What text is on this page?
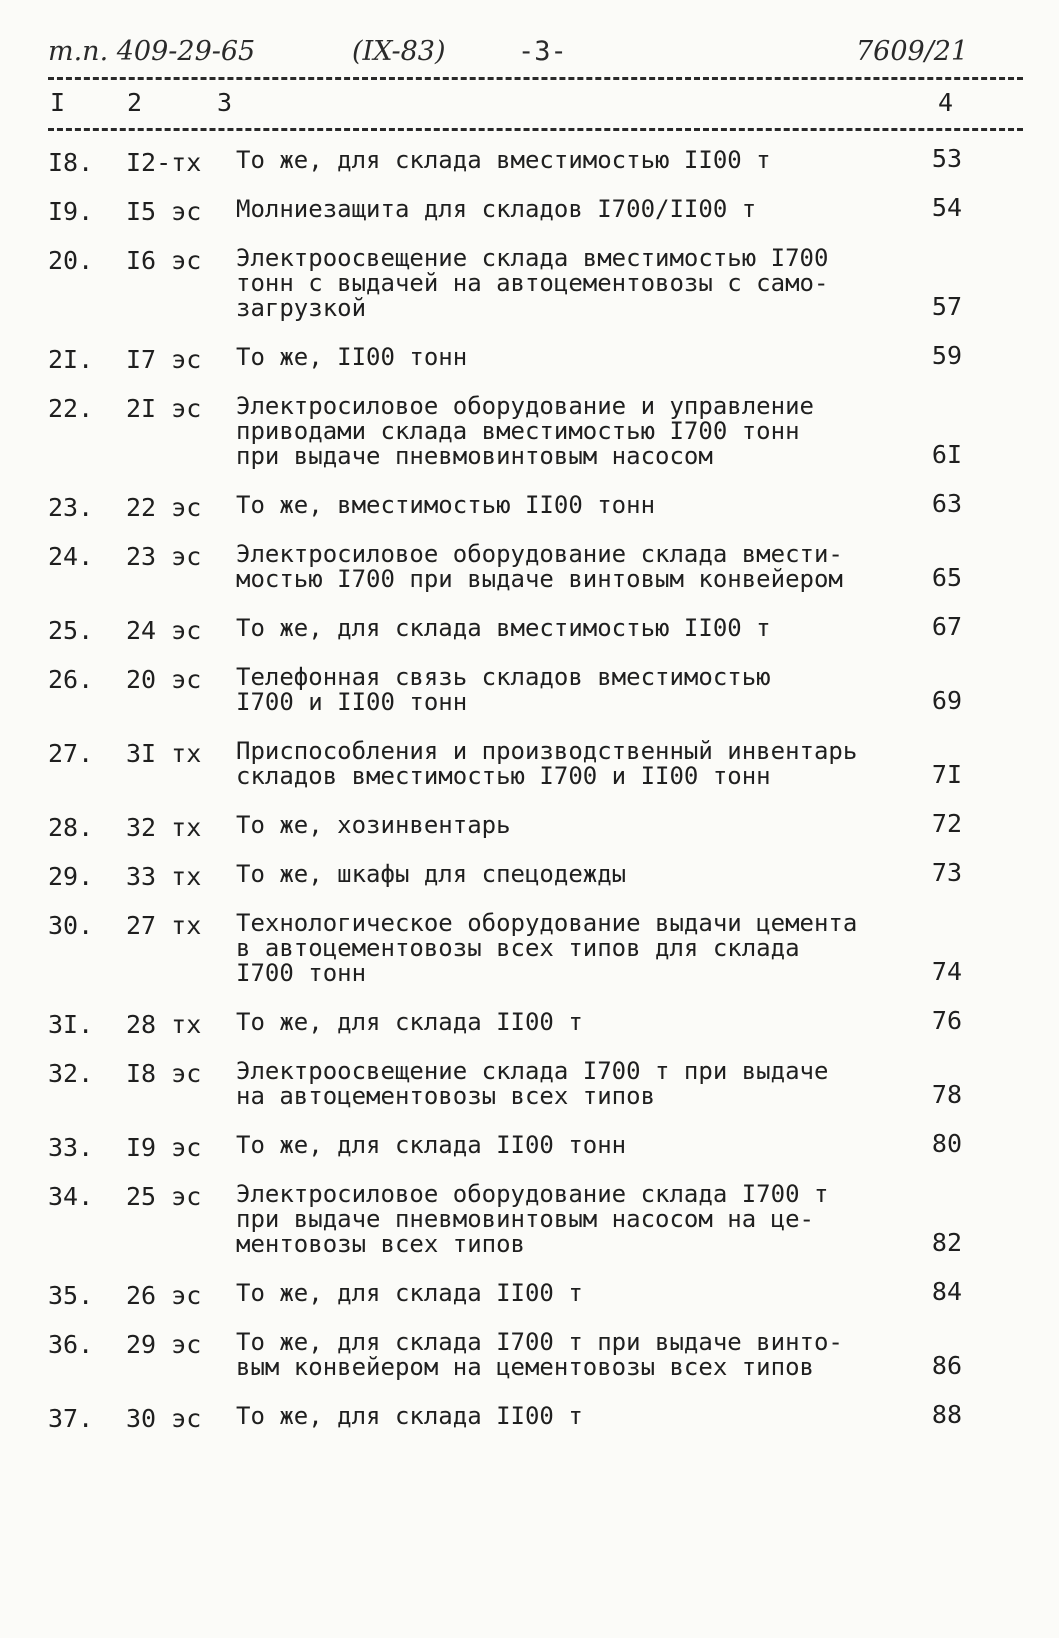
т.п. 409-29-65	(IX-83)	-3-	7609/21
I 2	3	4
I8. I2-тх То же, для склада вместимостью II00 т	53
I9. I5 эс Молниезащита для складов I700/II00 т	54
20. I6 эс Электроосвещение склада вместимостью I700
тонн с выдачей на автоцементовозы с само-
загрузкой	57
2I. I7 эс То же, II00 тонн	59
22. 2I эс Электросиловое оборудование и управление
приводами склада вместимостью I700 тонн
при выдаче пневмовинтовым насосом	6I
23. 22 эс То же, вместимостью II00 тонн	63
24. 23 эс Электросиловое оборудование склада вмести-
мостью I700 при выдаче винтовым конвейером	65
25. 24 эс То же, для склада вместимостью II00 т	67
26. 20 эс Телефонная связь складов вместимостью
I700 и II00 тонн	69
27. 3I тх Приспособления и производственный инвентарь
складов вместимостью I700 и II00 тонн	7I
28. 32 тх То же, хозинвентарь	72
29. 33 тх То же, шкафы для спецодежды	73
30. 27 тх Технологическое оборудование выдачи цемента
в автоцементовозы всех типов для склада
I700 тонн	74
3I. 28 тх То же, для склада II00 т	76
32. I8 эс Электроосвещение склада I700 т при выдаче
на автоцементовозы всех типов	78
33. I9 эс То же, для склада II00 тонн	80
34. 25 эс Электросиловое оборудование склада I700 т
при выдаче пневмовинтовым насосом на це-
ментовозы всех типов	82
35. 26 эс То же, для склада II00 т	84
36. 29 эс То же, для склада I700 т при выдаче винто-
вым конвейером на цементовозы всех типов	86
37. 30 эс То же, для склада II00 т	88
